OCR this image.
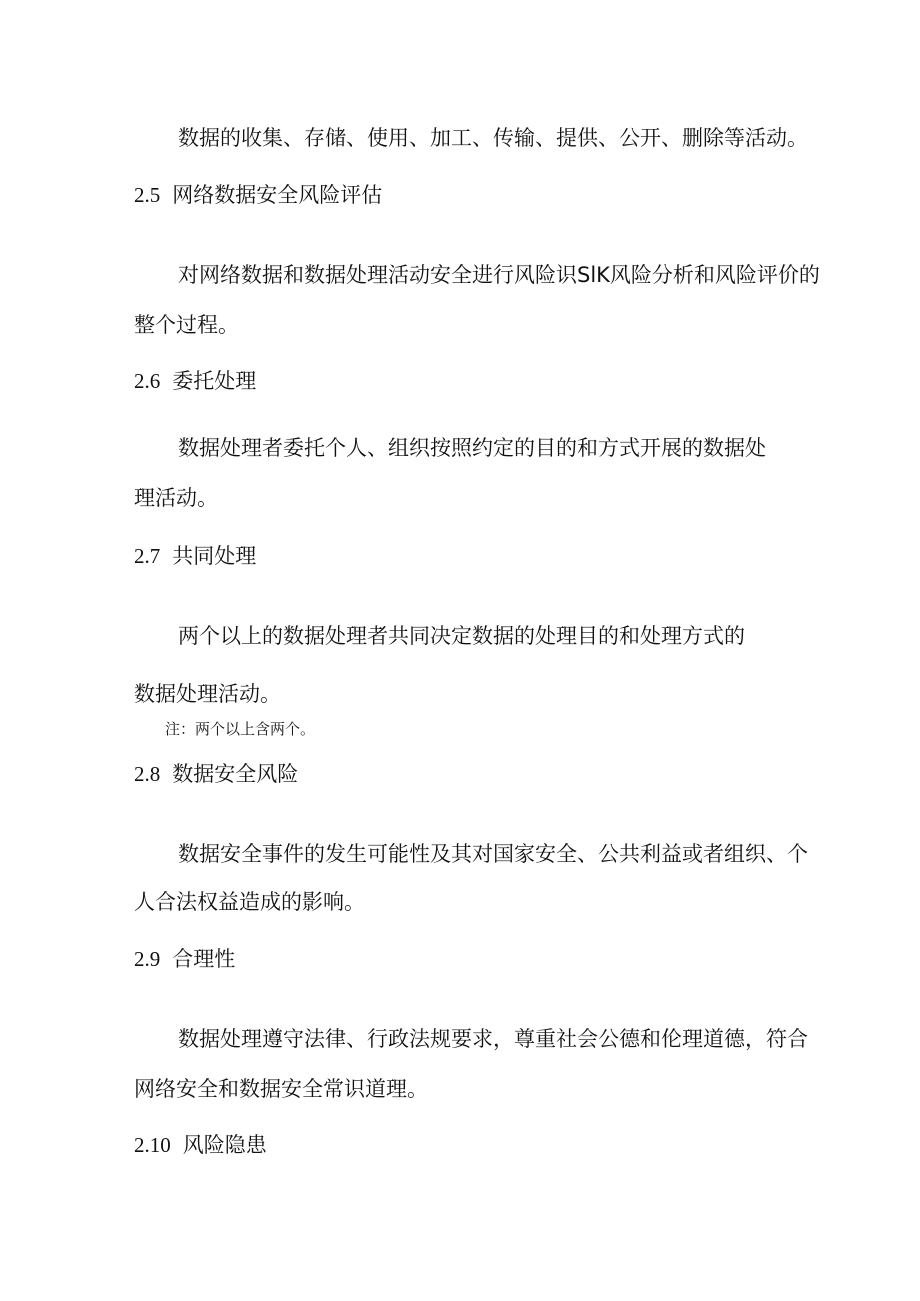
数据的收集、存储、使用、加工、传输、提供、公开、删除等活动。

2.5 网络数据安全风险评估

对网络数据和数据处理活动安全进行风险识SlK风险分析和风险评价的

整个过程。

2.6 委托处理

数据处理者委托个人、组织按照约定的目的和方式开展的数据处

理活动。

2.7 共同处理

两个以上的数据处理者共同决定数据的处理目的和处理方式的

数据处理活动。

注：两个以上含两个。

2.8 数据安全风险

数据安全事件的发生可能性及其对国家安全、公共利益或者组织、个

人合法权益造成的影响。

2.9 合理性

数据处理遵守法律、行政法规要求，尊重社会公德和伦理道德，符合

网络安全和数据安全常识道理。

2.10 风险隐患
